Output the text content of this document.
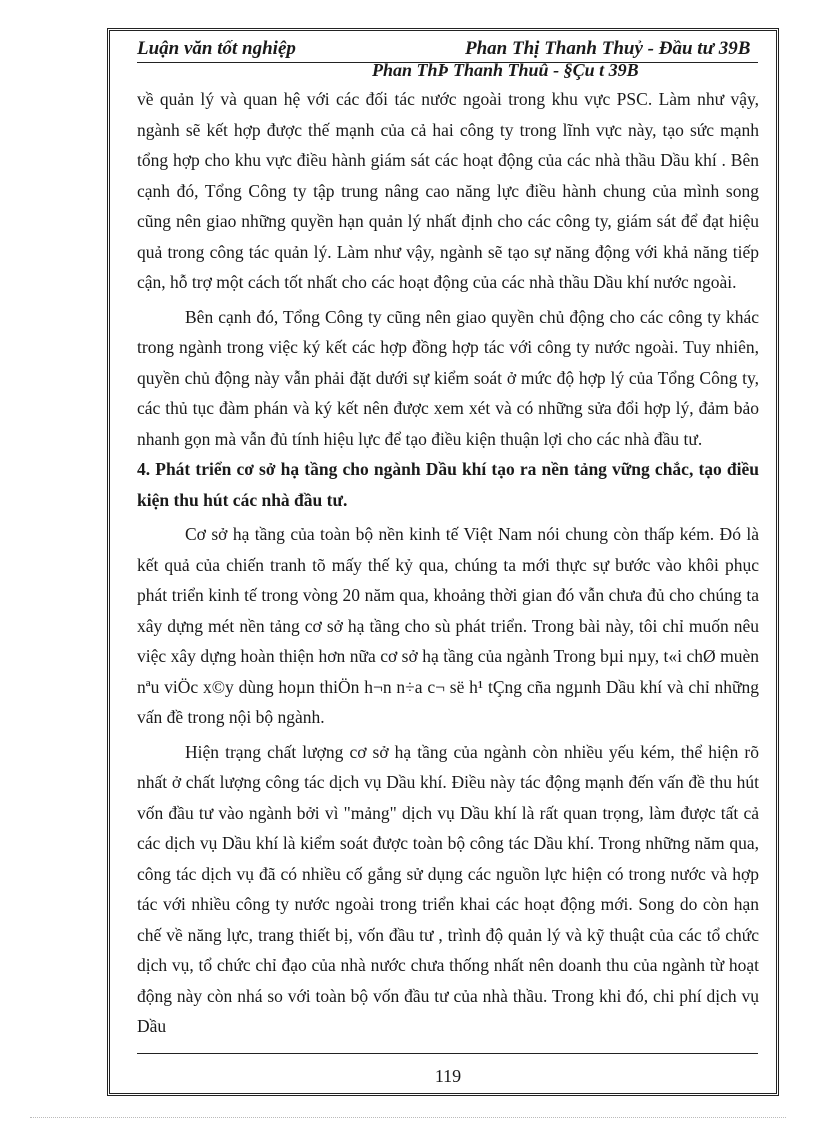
Luận văn tốt nghiệp	Phan Thị Thanh Thuỷ - Đầu tư 39B
Phan ThÞ Thanh Thuû - §Çu t 39B

về quản lý và quan hệ với các đối tác nước ngoài trong khu vực PSC. Làm như vậy, ngành sẽ kết hợp được thế mạnh của cả hai công ty trong lĩnh vực này, tạo sức mạnh tổng hợp cho khu vực điều hành giám sát các hoạt động của các nhà thầu Dầu khí . Bên cạnh đó, Tổng Công ty tập trung nâng cao năng lực điều hành chung của mình song cũng nên giao những quyền hạn quản lý nhất định cho các công ty, giám sát để đạt hiệu quả trong công tác quản lý. Làm như vậy, ngành sẽ tạo sự năng động với khả năng tiếp cận, hỗ trợ một cách tốt nhất cho các hoạt động của các nhà thầu Dầu khí nước ngoài.

Bên cạnh đó, Tổng Công ty cũng nên giao quyền chủ động cho các công ty khác trong ngành trong việc ký kết các hợp đồng hợp tác với công ty nước ngoài. Tuy nhiên, quyền chủ động này vẫn phải đặt dưới sự kiểm soát ở mức độ hợp lý của Tổng Công ty, các thủ tục đàm phán và ký kết nên được xem xét và có những sửa đổi hợp lý, đảm bảo nhanh gọn mà vẫn đủ tính hiệu lực để tạo điều kiện thuận lợi cho các nhà đầu tư.

4. Phát triển cơ sở hạ tầng cho ngành Dầu khí tạo ra nền tảng vững chắc, tạo điều kiện thu hút các nhà đầu tư.

Cơ sở hạ tầng của toàn bộ nền kinh tế Việt Nam nói chung còn thấp kém. Đó là kết quả của chiến tranh tõ mấy thế kỷ qua, chúng ta mới thực sự bước vào khôi phục phát triển kinh tế trong vòng 20 năm qua, khoảng thời gian đó vẫn chưa đủ cho chúng ta xây dựng mét nền tảng cơ sở hạ tầng cho sù phát triển. Trong bài này, tôi chỉ muốn nêu việc xây dựng hoàn thiện hơn nữa cơ sở hạ tầng của ngành Trong bµi nµy, t«i chØ muèn nªu viÖc x©y dùng hoµn thiÖn h¬n n÷a c¬ së h¹ tÇng cña ngµnh Dầu khí và chỉ những vấn đề trong nội bộ ngành.

Hiện trạng chất lượng cơ sở hạ tầng của ngành còn nhiều yếu kém, thể hiện rõ nhất ở chất lượng công tác dịch vụ Dầu khí. Điều này tác động mạnh đến vấn đề thu hút vốn đầu tư vào ngành bởi vì "mảng" dịch vụ Dầu khí là rất quan trọng, làm được tất cả các dịch vụ Dầu khí là kiểm soát được toàn bộ công tác Dầu khí. Trong những năm qua, công tác dịch vụ đã có nhiều cố gắng sử dụng các nguồn lực hiện có trong nước và hợp tác với nhiều công ty nước ngoài trong triển khai các hoạt động mới. Song do còn hạn chế về năng lực, trang thiết bị, vốn đầu tư , trình độ quản lý và kỹ thuật của các tổ chức dịch vụ, tổ chức chỉ đạo của nhà nước chưa thống nhất nên doanh thu của ngành từ hoạt động này còn nhá so với toàn bộ vốn đầu tư của nhà thầu. Trong khi đó, chi phí dịch vụ Dầu

119
